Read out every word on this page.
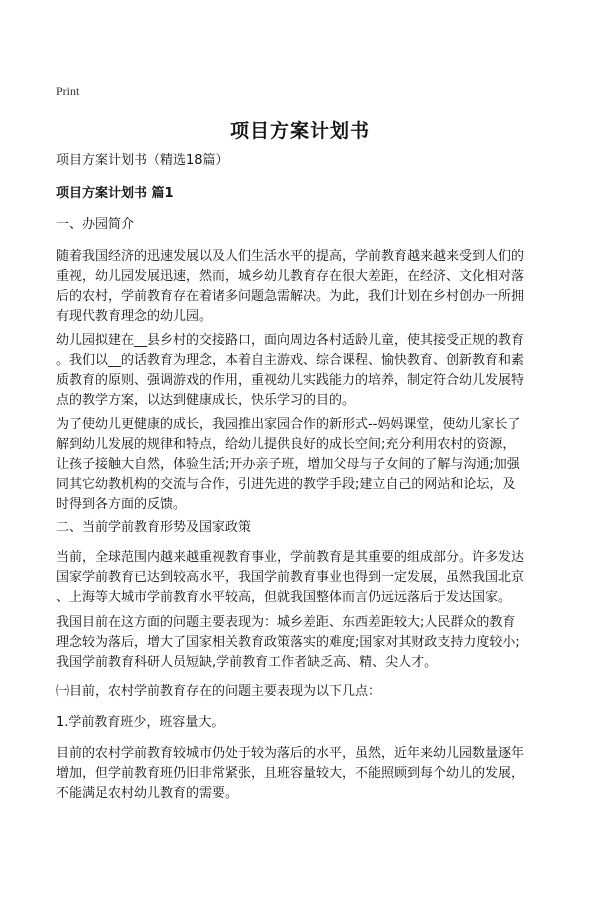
Print
项目方案计划书
项目方案计划书（精选18篇）
项目方案计划书 篇1
一、办园简介
随着我国经济的迅速发展以及人们生活水平的提高，学前教育越来越来受到人们的
重视，幼儿园发展迅速，然而，城乡幼儿教育存在很大差距，在经济、文化相对落
后的农村，学前教育存在着诸多问题急需解决。为此，我们计划在乡村创办一所拥
有现代教育理念的幼儿园。
幼儿园拟建在__县乡村的交接路口，面向周边各村适龄儿童，使其接受正规的教育
。我们以__的话教育为理念，本着自主游戏、综合课程、愉快教育、创新教育和素
质教育的原则、强调游戏的作用，重视幼儿实践能力的培养，制定符合幼儿发展特
点的教学方案，以达到健康成长，快乐学习的目的。
为了使幼儿更健康的成长，我园推出家园合作的新形式--妈妈课堂，使幼儿家长了
解到幼儿发展的规律和特点，给幼儿提供良好的成长空间;充分利用农村的资源，
让孩子接触大自然，体验生活;开办亲子班，增加父母与子女间的了解与沟通;加强
同其它幼教机构的交流与合作，引进先进的教学手段;建立自己的网站和论坛，及
时得到各方面的反馈。
二、当前学前教育形势及国家政策
当前，全球范围内越来越重视教育事业，学前教育是其重要的组成部分。许多发达
国家学前教育已达到较高水平，我国学前教育事业也得到一定发展，虽然我国北京
、上海等大城市学前教育水平较高，但就我国整体而言仍远远落后于发达国家。
我国目前在这方面的问题主要表现为：城乡差距、东西差距较大;人民群众的教育
理念较为落后，增大了国家相关教育政策落实的难度;国家对其财政支持力度较小;
我国学前教育科研人员短缺,学前教育工作者缺乏高、精、尖人才。
㈠目前，农村学前教育存在的问题主要表现为以下几点：
1.学前教育班少，班容量大。
目前的农村学前教育较城市仍处于较为落后的水平，虽然，近年来幼儿园数量逐年
增加，但学前教育班仍旧非常紧张，且班容量较大，不能照顾到每个幼儿的发展，
不能满足农村幼儿教育的需要。
